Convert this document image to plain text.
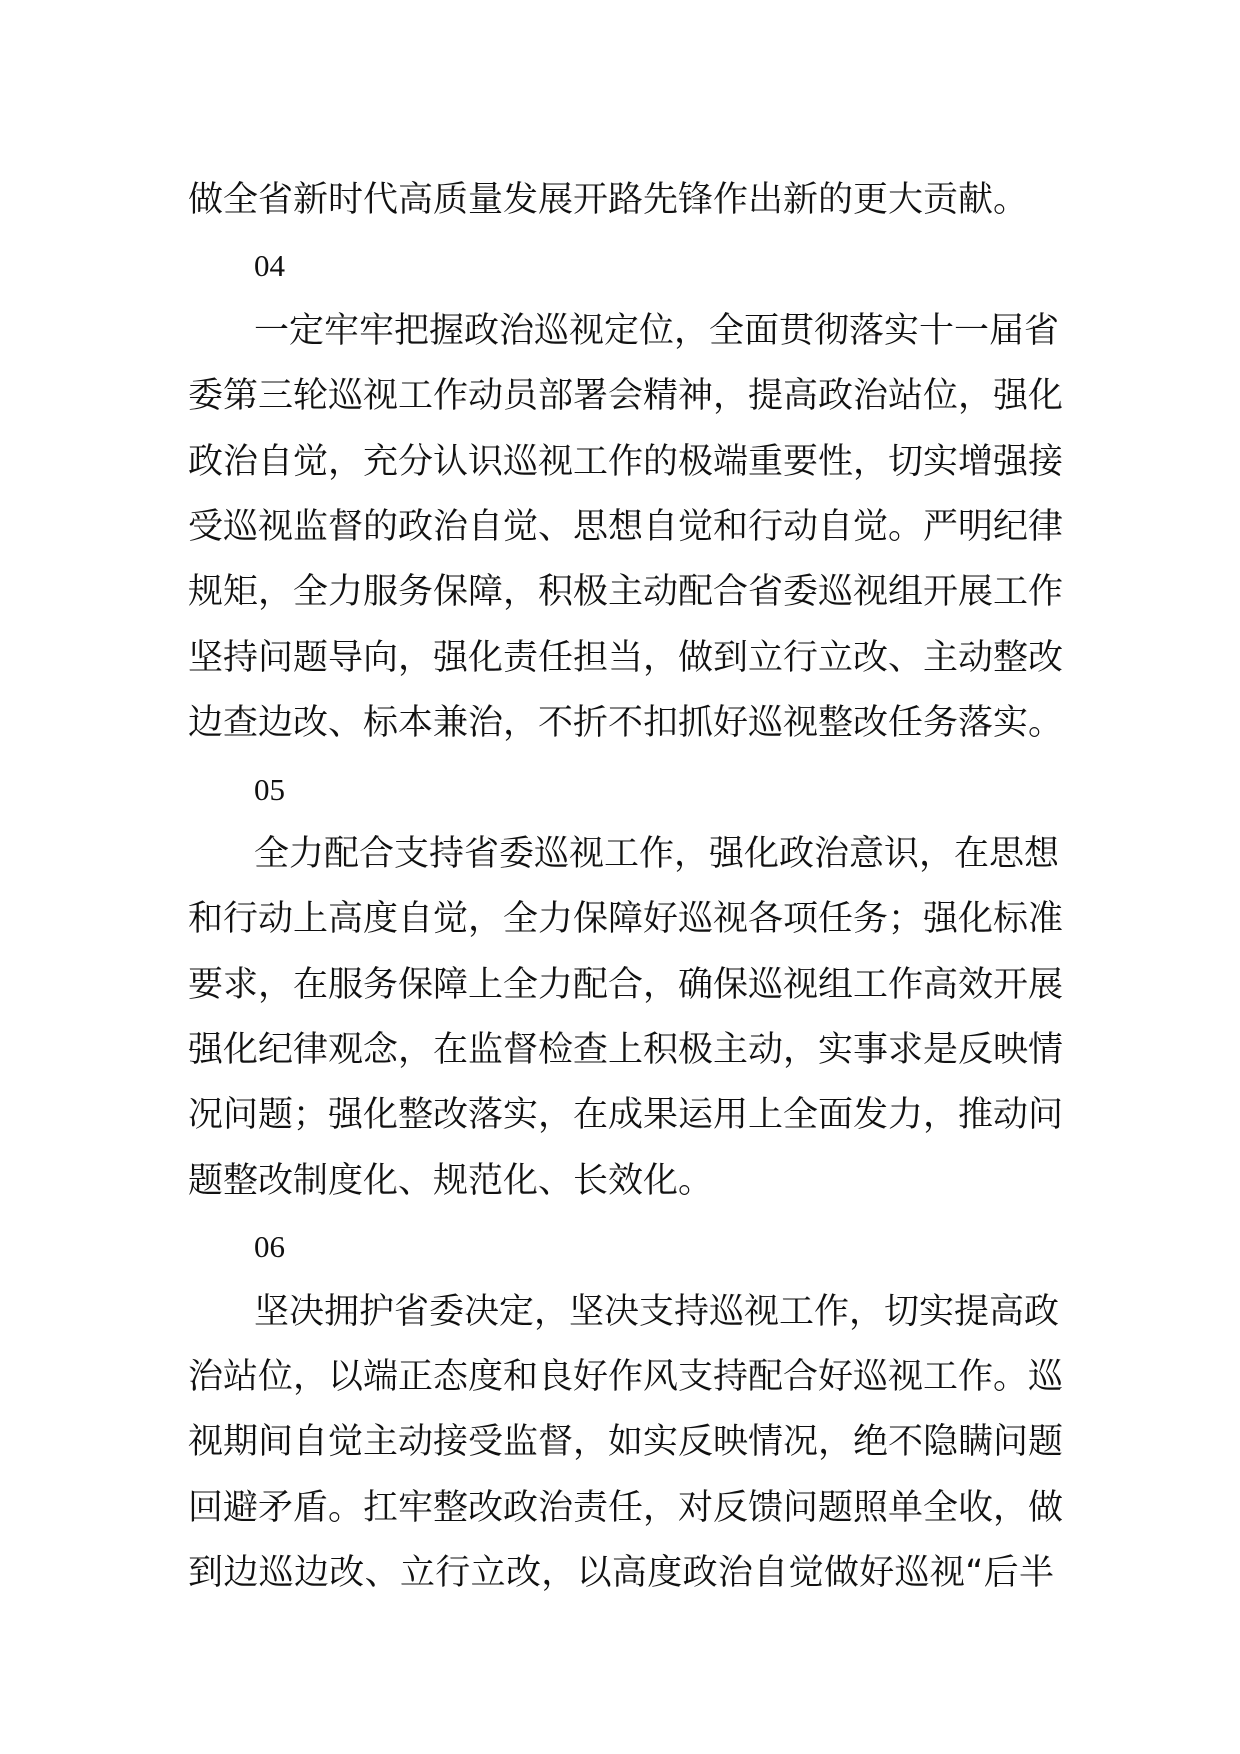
做全省新时代高质量发展开路先锋作出新的更大贡献。
04
一定牢牢把握政治巡视定位，全面贯彻落实十一届省
委第三轮巡视工作动员部署会精神，提高政治站位，强化
政治自觉，充分认识巡视工作的极端重要性，切实增强接
受巡视监督的政治自觉、思想自觉和行动自觉。严明纪律
规矩，全力服务保障，积极主动配合省委巡视组开展工作
坚持问题导向，强化责任担当，做到立行立改、主动整改
边查边改、标本兼治，不折不扣抓好巡视整改任务落实。
05
全力配合支持省委巡视工作，强化政治意识，在思想
和行动上高度自觉，全力保障好巡视各项任务；强化标准
要求，在服务保障上全力配合，确保巡视组工作高效开展
强化纪律观念，在监督检查上积极主动，实事求是反映情
况问题；强化整改落实，在成果运用上全面发力，推动问
题整改制度化、规范化、长效化。
06
坚决拥护省委决定，坚决支持巡视工作，切实提高政
治站位，以端正态度和良好作风支持配合好巡视工作。巡
视期间自觉主动接受监督，如实反映情况，绝不隐瞒问题
回避矛盾。扛牢整改政治责任，对反馈问题照单全收，做
到边巡边改、立行立改，以高度政治自觉做好巡视“后半
